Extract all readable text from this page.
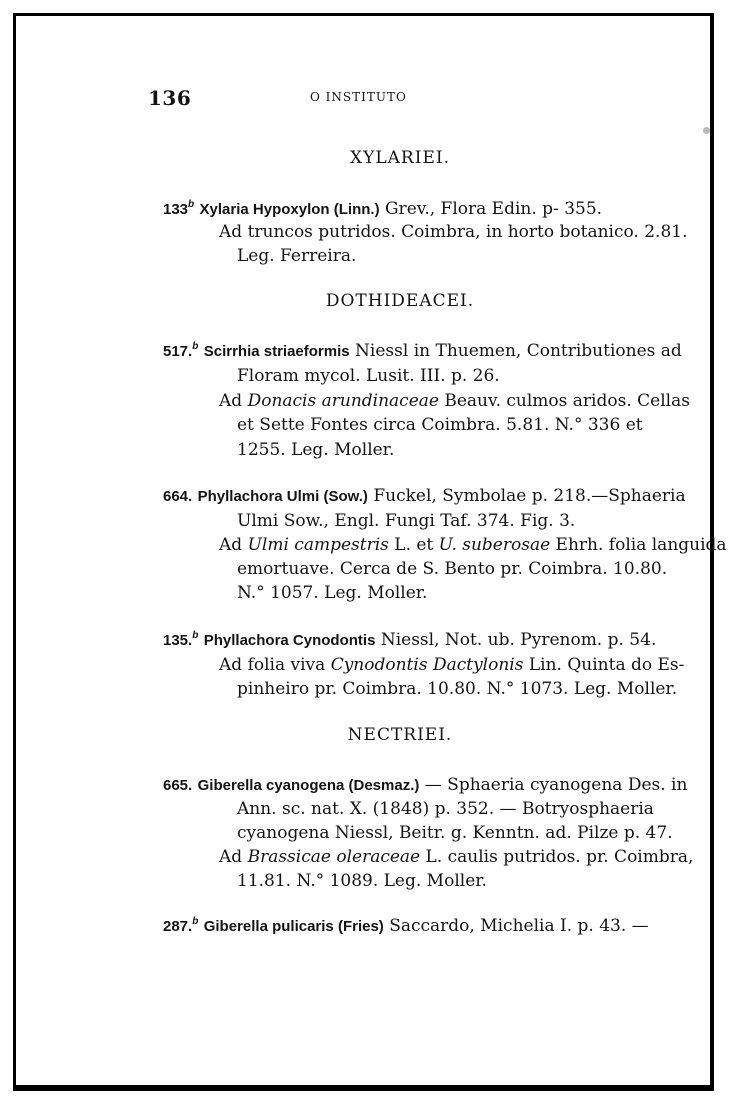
136	O INSTITUTO
XYLARIEI.
133$^b$ Xylaria Hypoxylon (Linn.) Grev., Flora Edin. p- 355.
Ad truncos putridos. Coimbra, in horto botanico. 2.81.
Leg. Ferreira.
DOTHIDEACEI.
517.$^b$ Scirrhia striaeformis Niessl in Thuemen, Contributiones ad
Floram mycol. Lusit. III. p. 26.
Ad Donacis arundinaceae Beauv. culmos aridos. Cellas
et Sette Fontes circa Coimbra. 5.81. N.° 336 et
1255. Leg. Moller.
664. Phyllachora Ulmi (Sow.) Fuckel, Symbolae p. 218.—Sphaeria
Ulmi Sow., Engl. Fungi Taf. 374. Fig. 3.
Ad Ulmi campestris L. et U. suberosae Ehrh. folia languida
emortuave. Cerca de S. Bento pr. Coimbra. 10.80.
N.° 1057. Leg. Moller.
135.$^b$ Phyllachora Cynodontis Niessl, Not. ub. Pyrenom. p. 54.
Ad folia viva Cynodontis Dactylonis Lin. Quinta do Es-
pinheiro pr. Coimbra. 10.80. N.° 1073. Leg. Moller.
NECTRIEI.
665. Giberella cyanogena (Desmaz.) — Sphaeria cyanogena Des. in
Ann. sc. nat. X. (1848) p. 352. — Botryosphaeria
cyanogena Niessl, Beitr. g. Kenntn. ad. Pilze p. 47.
Ad Brassicae oleraceae L. caulis putridos. pr. Coimbra,
11.81. N.° 1089. Leg. Moller.
287.$^b$ Giberella pulicaris (Fries) Saccardo, Michelia I. p. 43. —
